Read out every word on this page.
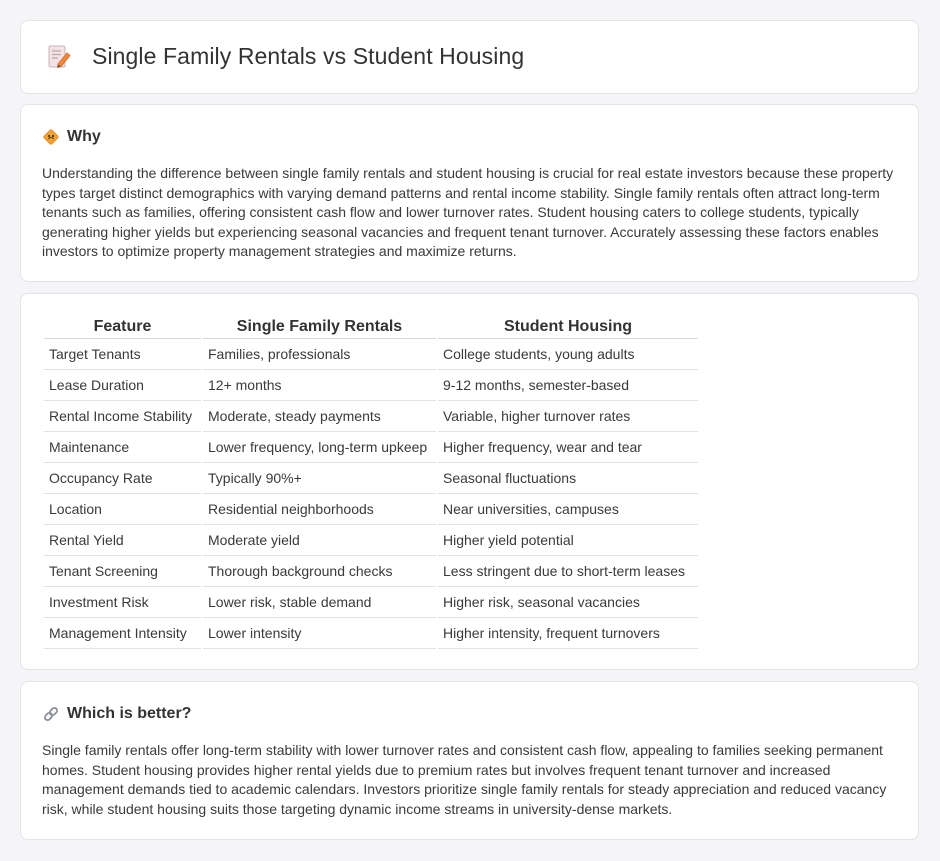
Single Family Rentals vs Student Housing
Why

Understanding the difference between single family rentals and student housing is crucial for real estate investors because these property types target distinct demographics with varying demand patterns and rental income stability. Single family rentals often attract long-term tenants such as families, offering consistent cash flow and lower turnover rates. Student housing caters to college students, typically generating higher yields but experiencing seasonal vacancies and frequent tenant turnover. Accurately assessing these factors enables investors to optimize property management strategies and maximize returns.

Feature	Single Family Rentals	Student Housing
Target Tenants	Families, professionals	College students, young adults
Lease Duration	12+ months	9-12 months, semester-based
Rental Income Stability	Moderate, steady payments	Variable, higher turnover rates
Maintenance	Lower frequency, long-term upkeep	Higher frequency, wear and tear
Occupancy Rate	Typically 90%+	Seasonal fluctuations
Location	Residential neighborhoods	Near universities, campuses
Rental Yield	Moderate yield	Higher yield potential
Tenant Screening	Thorough background checks	Less stringent due to short-term leases
Investment Risk	Lower risk, stable demand	Higher risk, seasonal vacancies
Management Intensity	Lower intensity	Higher intensity, frequent turnovers
Which is better?

Single family rentals offer long-term stability with lower turnover rates and consistent cash flow, appealing to families seeking permanent homes. Student housing provides higher rental yields due to premium rates but involves frequent tenant turnover and increased management demands tied to academic calendars. Investors prioritize single family rentals for steady appreciation and reduced vacancy risk, while student housing suits those targeting dynamic income streams in university-dense markets.
